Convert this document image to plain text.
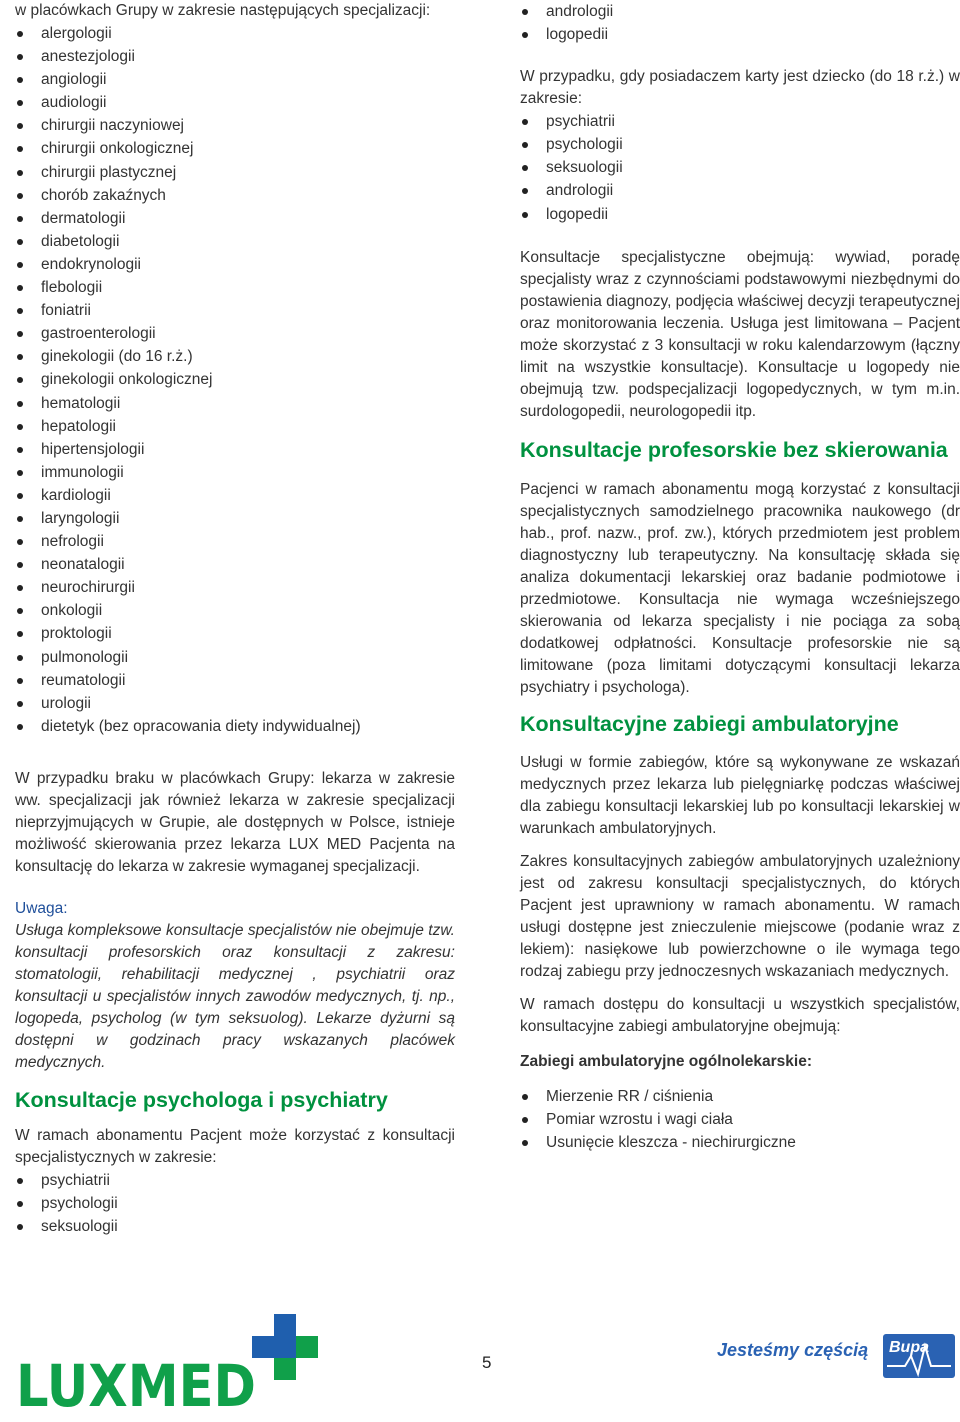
w placówkach Grupy w zakresie następujących specjalizacji:

alergologii
anestezjologii
angiologii
audiologii
chirurgii naczyniowej
chirurgii onkologicznej
chirurgii plastycznej
chorób zakaźnych
dermatologii
diabetologii
endokrynologii
flebologii
foniatrii
gastroenterologii
ginekologii (do 16 r.ż.)
ginekologii onkologicznej
hematologii
hepatologii
hipertensjologii
immunologii
kardiologii
laryngologii
nefrologii
neonatalogii
neurochirurgii
onkologii
proktologii
pulmonologii
reumatologii
urologii
dietetyk (bez opracowania diety indywidualnej)

W przypadku braku w placówkach Grupy: lekarza w zakresie ww. specjalizacji jak również lekarza w zakresie specjalizacji nieprzyjmujących w Grupie, ale dostępnych w Polsce, istnieje możliwość skierowania przez lekarza LUX MED Pacjenta na konsultację do lekarza w zakresie wymaganej specjalizacji.

Uwaga:

Usługa kompleksowe konsultacje specjalistów nie obejmuje tzw. konsultacji profesorskich oraz konsultacji z zakresu: stomatologii, rehabilitacji medycznej , psychiatrii oraz konsultacji u specjalistów innych zawodów medycznych, tj. np., logopeda, psycholog (w tym seksuolog). Lekarze dyżurni są dostępni w godzinach pracy wskazanych placówek medycznych.

Konsultacje psychologa i psychiatry

W ramach abonamentu Pacjent może korzystać z konsultacji specjalistycznych w zakresie:

psychiatrii
psychologii
seksuologii
andrologii
logopedii

W przypadku, gdy posiadaczem karty jest dziecko (do 18 r.ż.) w zakresie:

psychiatrii
psychologii
seksuologii
andrologii
logopedii

Konsultacje specjalistyczne obejmują: wywiad, poradę specjalisty wraz z czynnościami podstawowymi niezbędnymi do postawienia diagnozy, podjęcia właściwej decyzji terapeutycznej oraz monitorowania leczenia. Usługa jest limitowana – Pacjent może skorzystać z 3 konsultacji w roku kalendarzowym (łączny limit na wszystkie konsultacje). Konsultacje u logopedy nie obejmują tzw. podspecjalizacji logopedycznych, w tym m.in. surdologopedii, neurologopedii itp.

Konsultacje profesorskie bez skierowania

Pacjenci w ramach abonamentu mogą korzystać z konsultacji specjalistycznych samodzielnego pracownika naukowego (dr hab., prof. nazw., prof. zw.), których przedmiotem jest problem diagnostyczny lub terapeutyczny. Na konsultację składa się analiza dokumentacji lekarskiej oraz badanie podmiotowe i przedmiotowe. Konsultacja nie wymaga wcześniejszego skierowania od lekarza specjalisty i nie pociąga za sobą dodatkowej odpłatności. Konsultacje profesorskie nie są limitowane (poza limitami dotyczącymi konsultacji lekarza psychiatry i psychologa).

Konsultacyjne zabiegi ambulatoryjne

Usługi w formie zabiegów, które są wykonywane ze wskazań medycznych przez lekarza lub pielęgniarkę podczas właściwej dla zabiegu konsultacji lekarskiej lub po konsultacji lekarskiej w warunkach ambulatoryjnych.

Zakres konsultacyjnych zabiegów ambulatoryjnych uzależniony jest od zakresu konsultacji specjalistycznych, do których Pacjent jest uprawniony w ramach abonamentu. W ramach usługi dostępne jest znieczulenie miejscowe (podanie wraz z lekiem): nasiękowe lub powierzchowne o ile wymaga tego rodzaj zabiegu przy jednoczesnych wskazaniach medycznych.

W ramach dostępu do konsultacji u wszystkich specjalistów, konsultacyjne zabiegi ambulatoryjne obejmują:

Zabiegi ambulatoryjne ogólnolekarskie:

Mierzenie RR / ciśnienia
Pomiar wzrostu i wagi ciała
Usunięcie kleszcza - niechirurgiczne
LUXMED	5
Jesteśmy częścią Bupa
